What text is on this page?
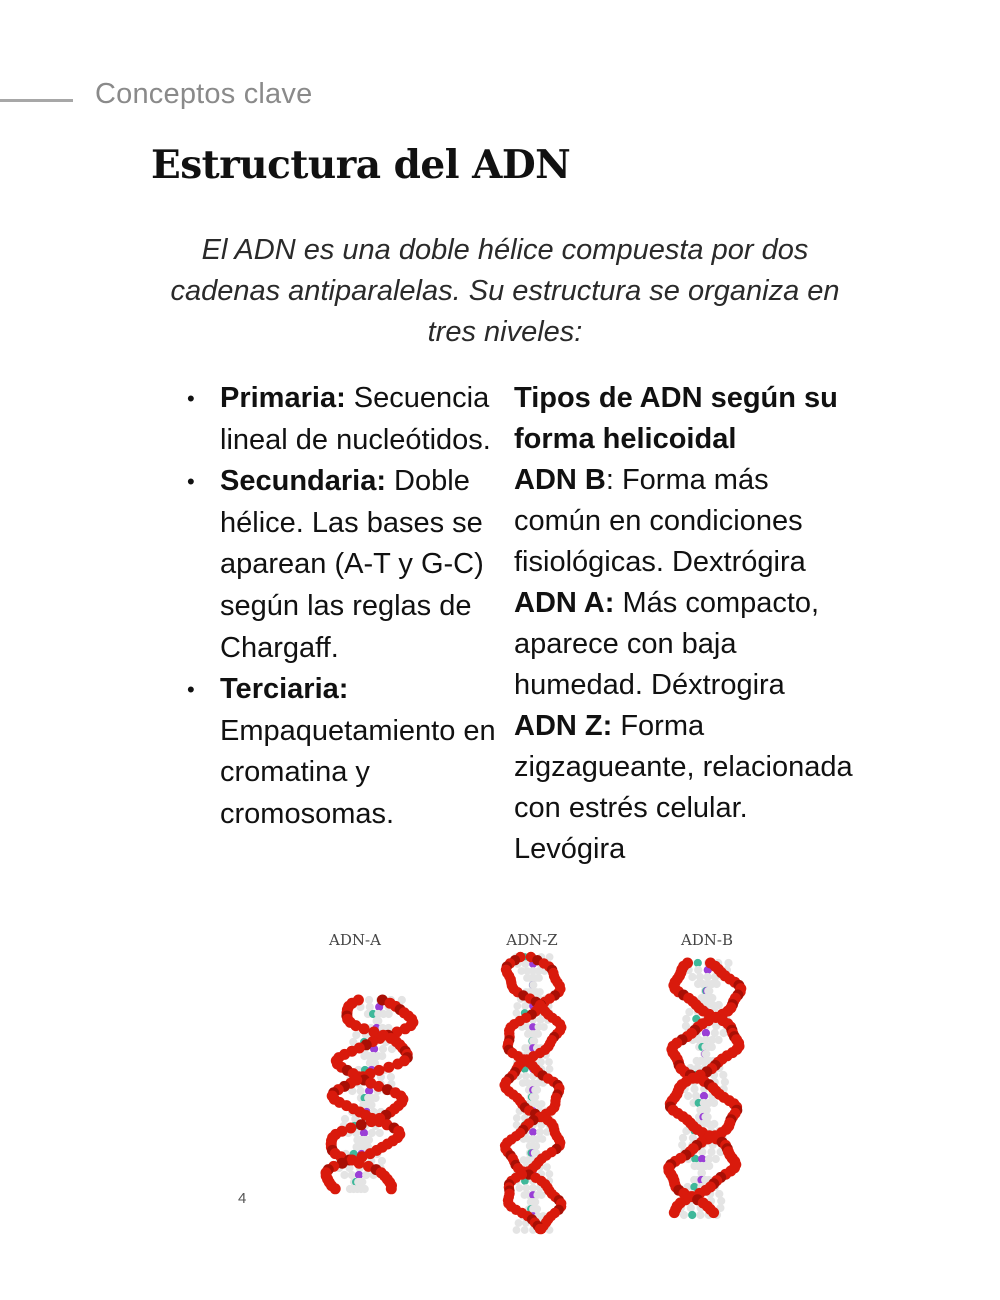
Conceptos clave
Estructura del ADN

El ADN es una doble hélice compuesta por dos cadenas antiparalelas. Su estructura se organiza en tres niveles:

• Primaria: Secuencia lineal de nucleótidos.
• Secundaria: Doble hélice. Las bases se aparean (A-T y G-C) según las reglas de Chargaff.
• Terciaria: Empaquetamiento en cromatina y cromosomas.
Tipos de ADN según su forma helicoidal
ADN B: Forma más común en condiciones fisiológicas. Dextrógira
ADN A: Más compacto, aparece con baja humedad. Déxtrogira
ADN Z: Forma zigzagueante, relacionada con estrés celular. Levógira
ADN-A	ADN-Z	ADN-B
4
